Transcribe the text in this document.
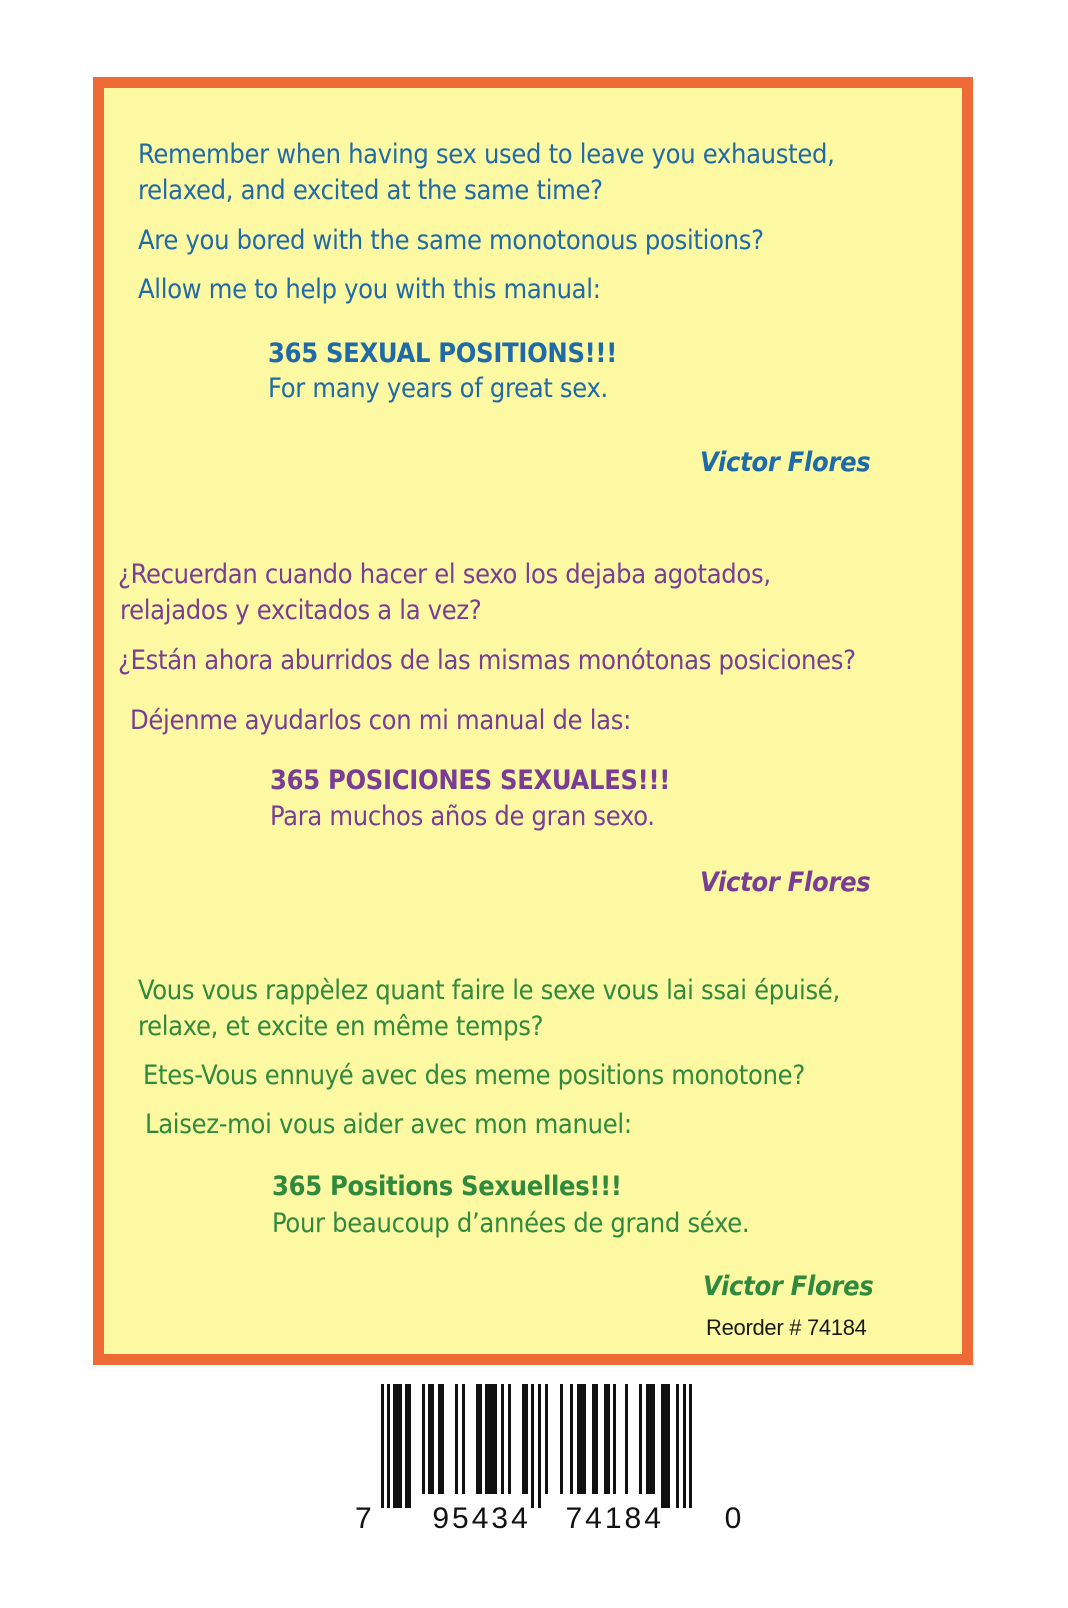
Remember when having sex used to leave you exhausted,

relaxed, and excited at the same time?

Are you bored with the same monotonous positions?

Allow me to help you with this manual:

365 SEXUAL POSITIONS!!!

For many years of great sex.

Victor Flores

¿Recuerdan cuando hacer el sexo los dejaba agotados,

relajados y excitados a la vez?

¿Están ahora aburridos de las mismas monótonas posiciones?

Déjenme ayudarlos con mi manual de las:

365 POSICIONES SEXUALES!!!

Para muchos años de gran sexo.

Victor Flores

Vous vous rappèlez quant faire le sexe vous lai ssai épuisé,

relaxe, et excite en même temps?

Etes-Vous ennuyé avec des meme positions monotone?

Laisez-moi vous aider avec mon manuel:

365 Positions Sexuelles!!!

Pour beaucoup d’années de grand séxe.

Victor Flores

Reorder # 74184

7 95434 74184 0
